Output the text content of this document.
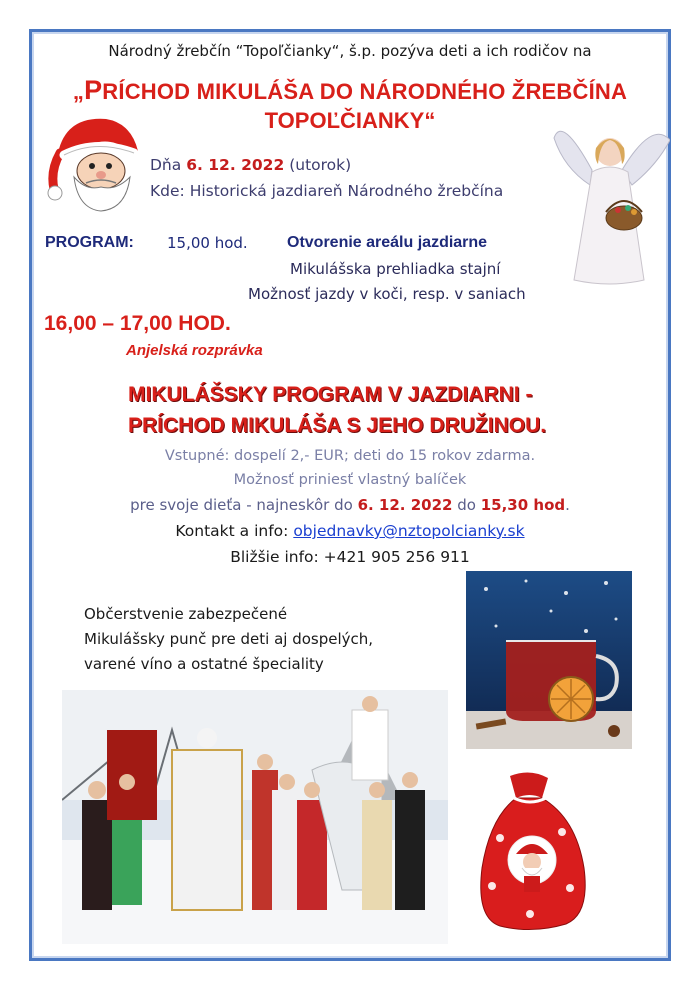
Národný žrebčín “Topoľčianky“, š.p. pozýva deti a ich rodičov na
„PRÍCHOD MIKULÁŠA DO NÁRODNÉHO ŽREBČÍNA
TOPOĽČIANKY“
Dňa 6. 12. 2022 (utorok)
Kde: Historická jazdiareň Národného žrebčína
PROGRAM: 15,00 hod. Otvorenie areálu jazdiarne
Mikulášska prehliadka stajní
Možnosť jazdy v koči, resp. v saniach
16,00 – 17,00 HOD.
Anjelská rozprávka
MIKULÁŠSKY PROGRAM V JAZDIARNI -
PRÍCHOD MIKULÁŠA S JEHO DRUŽINOU.
Vstupné: dospelí 2,- EUR; deti do 15 rokov zdarma.
Možnosť priniesť vlastný balíček
pre svoje dieťa - najneskôr do 6. 12. 2022 do 15,30 hod.
Kontakt a info: objednavky@nztopolcianky.sk
Bližšie info: +421 905 256 911
Občerstvenie zabezpečené
Mikulášsky punč pre deti aj dospelých,
varené víno a ostatné špeciality
